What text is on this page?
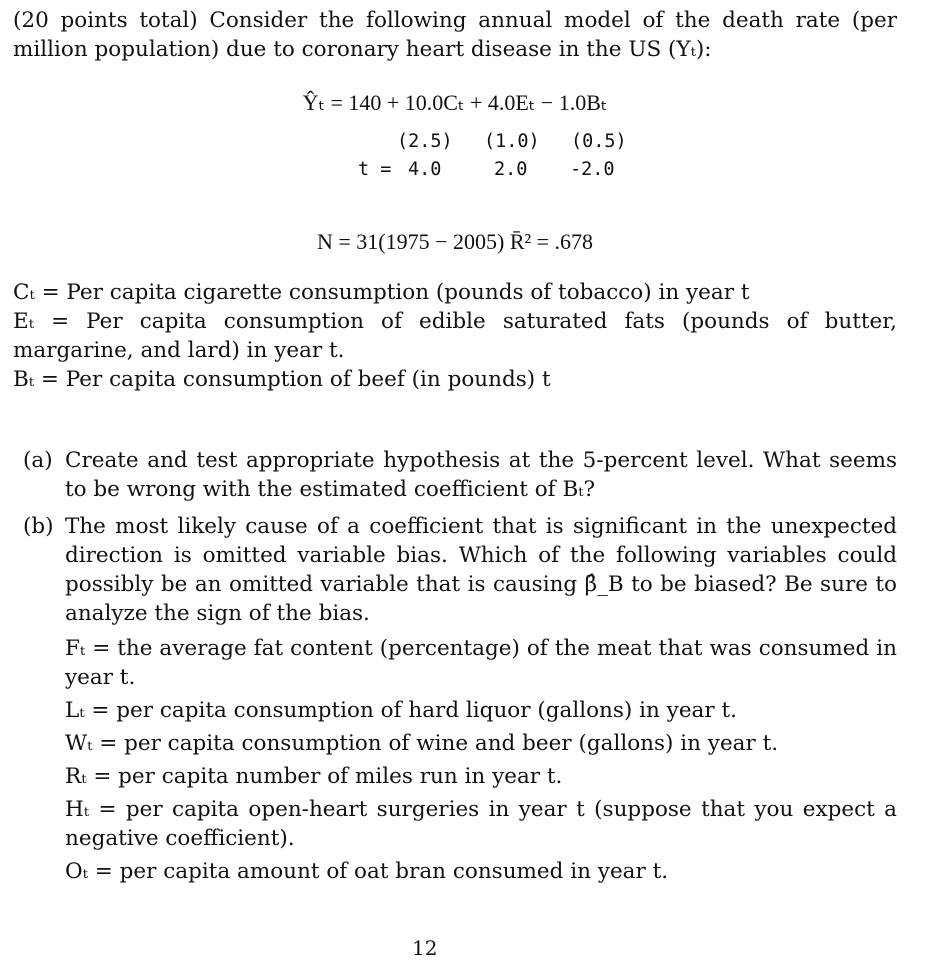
(20 points total) Consider the following annual model of the death rate (per million population) due to coronary heart disease in the US (Yₜ):

Ŷₜ = 140 + 10.0Cₜ + 4.0Eₜ − 1.0Bₜ

(2.5) (1.0) (0.5)
t = 4.0	2.0 -2.0

N = 31(1975 − 2005) R̄² = .678

Cₜ = Per capita cigarette consumption (pounds of tobacco) in year t

Eₜ = Per capita consumption of edible saturated fats (pounds of butter, margarine, and lard) in year t.

Bₜ = Per capita consumption of beef (in pounds) t

(a) Create and test appropriate hypothesis at the 5-percent level. What seems to be wrong with the estimated coefficient of Bₜ?

(b) The most likely cause of a coefficient that is significant in the unexpected direction is omitted variable bias. Which of the following variables could possibly be an omitted variable that is causing β̂_B to be biased? Be sure to analyze the sign of the bias.

Fₜ = the average fat content (percentage) of the meat that was consumed in year t.

Lₜ = per capita consumption of hard liquor (gallons) in year t.

Wₜ = per capita consumption of wine and beer (gallons) in year t.

Rₜ = per capita number of miles run in year t.

Hₜ = per capita open-heart surgeries in year t (suppose that you expect a negative coefficient).

Oₜ = per capita amount of oat bran consumed in year t.

12
